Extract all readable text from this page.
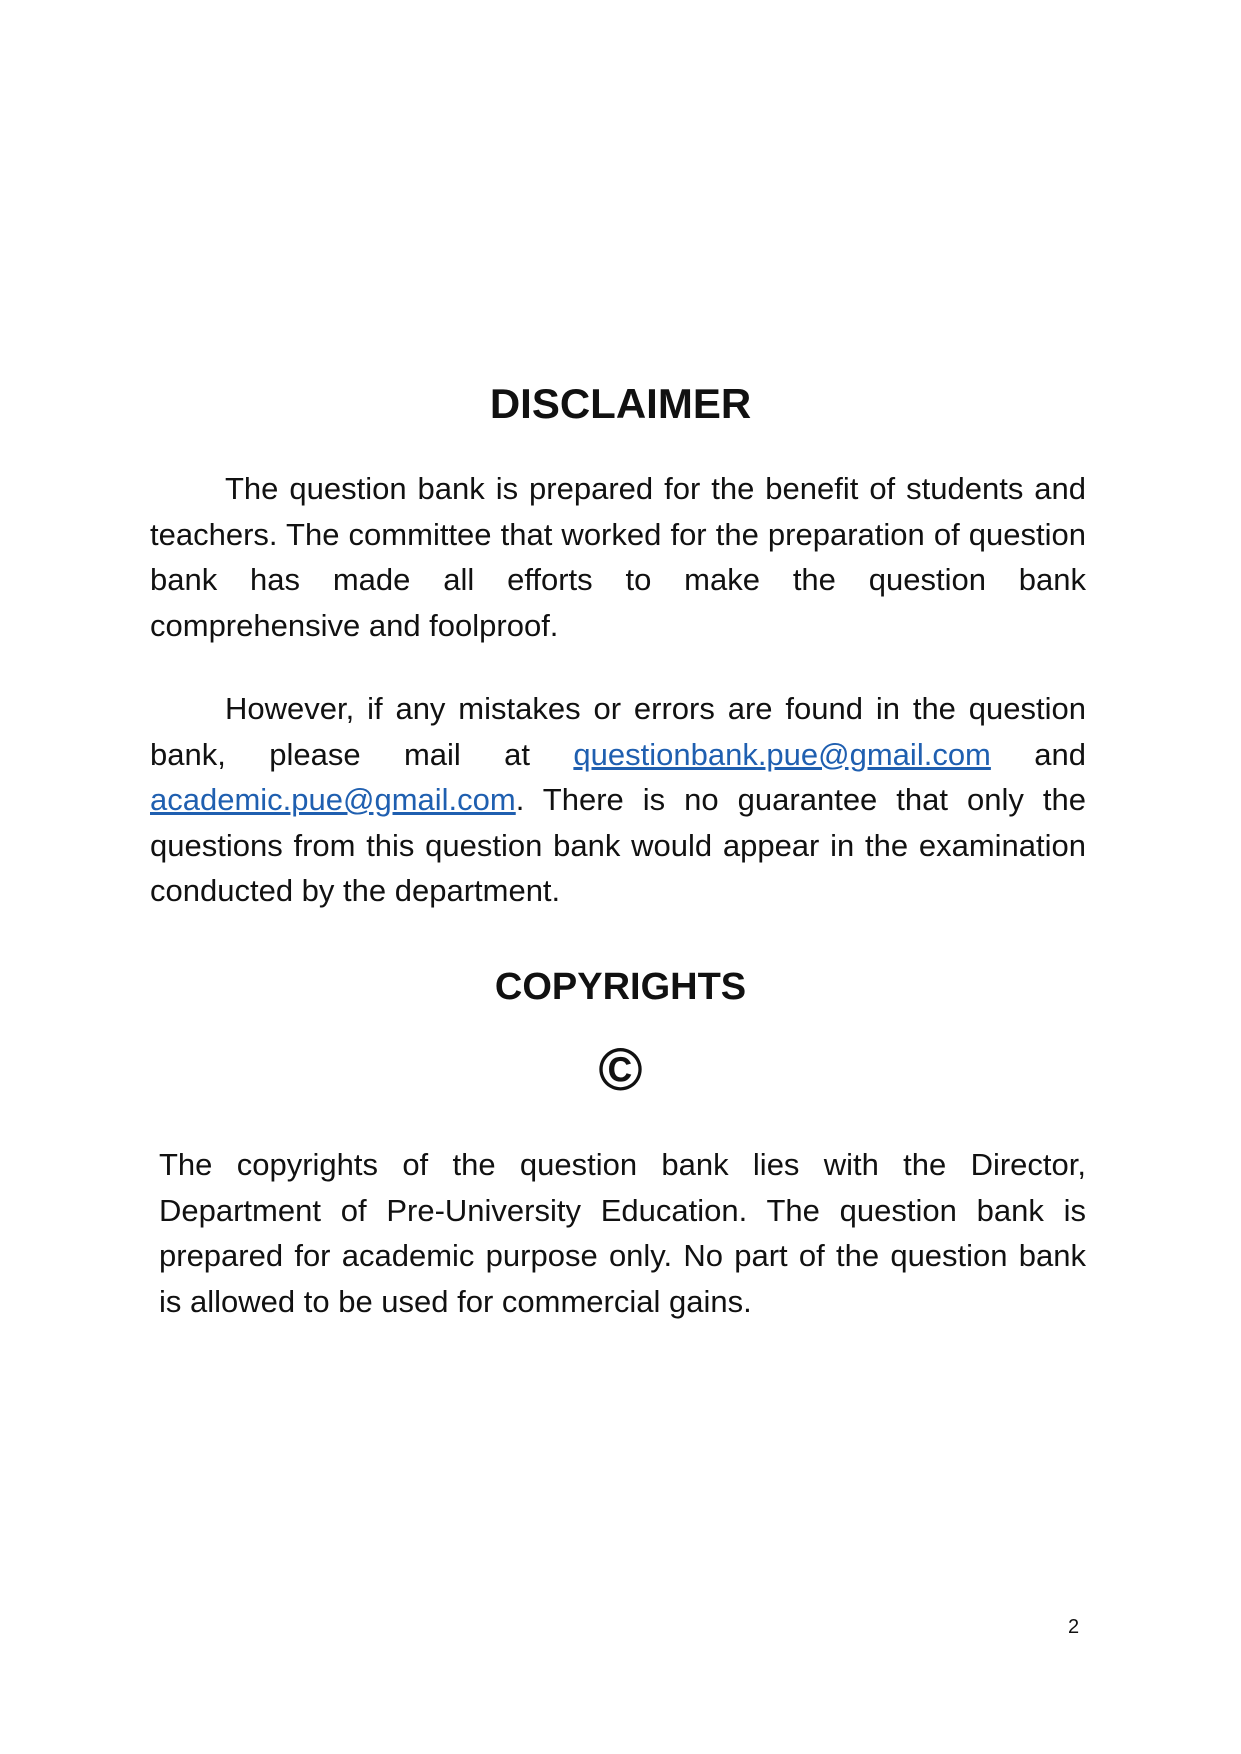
DISCLAIMER

The question bank is prepared for the benefit of students and teachers. The committee that worked for the preparation of question bank has made all efforts to make the question bank comprehensive and foolproof.

However, if any mistakes or errors are found in the question bank, please mail at questionbank.pue@gmail.com and academic.pue@gmail.com. There is no guarantee that only the questions from this question bank would appear in the examination conducted by the department.

COPYRIGHTS
©

The copyrights of the question bank lies with the Director, Department of Pre-University Education. The question bank is prepared for academic purpose only. No part of the question bank is allowed to be used for commercial gains.

2
